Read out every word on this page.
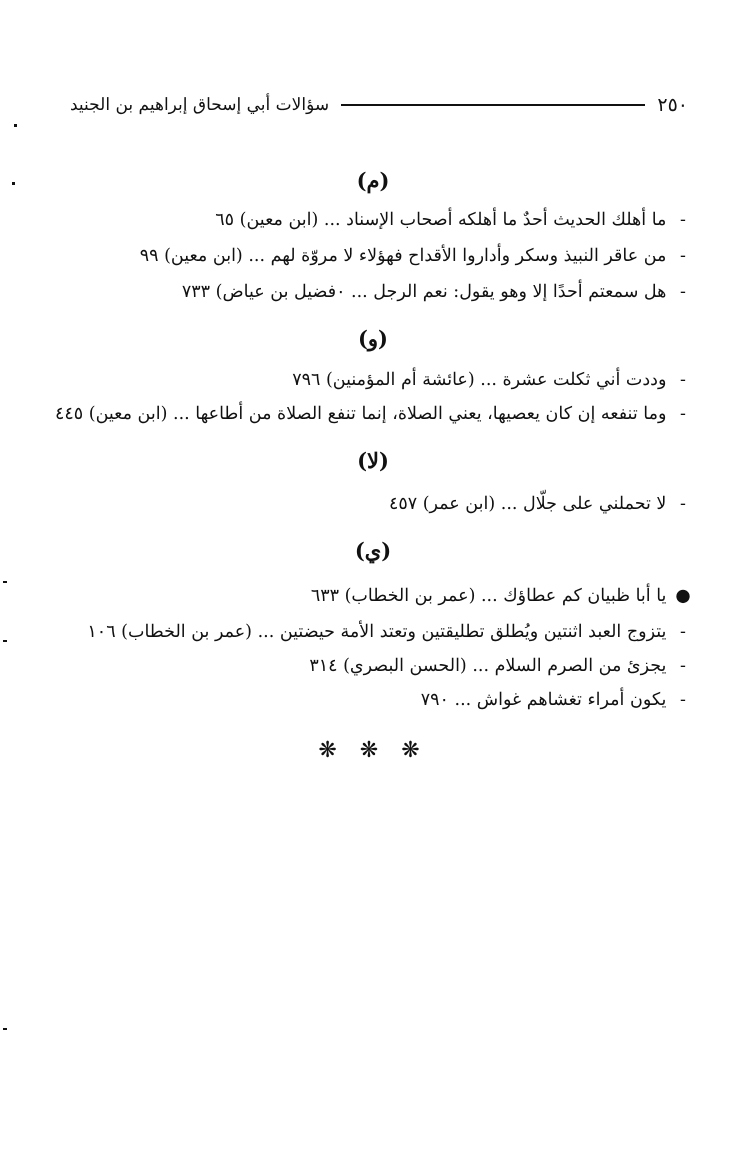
٢٥٠
سؤالات أبي إسحاق إبراهيم بن الجنيد
(م)
- ما أهلك الحديث أحدٌ ما أهلكه أصحاب الإسناد ... (ابن معين) ٦٥
- من عاقر النبيذ وسكر وأداروا الأقداح فهؤلاء لا مروّة لهم ... (ابن معين) ٩٩
- هل سمعتم أحدًا إلا وهو يقول: نعم الرجل ... ٠فضيل بن عياض) ٧٣٣
(و)
- وددت أني ثكلت عشرة ... (عائشة أم المؤمنين) ٧٩٦
- وما تنفعه إن كان يعصيها، يعني الصلاة، إنما تنفع الصلاة من أطاعها ... (ابن معين) ٤٤٥
(لا)
- لا تحملني على جلّال ... (ابن عمر) ٤٥٧
(ي)
● يا أبا ظبيان كم عطاؤك ... (عمر بن الخطاب) ٦٣٣
- يتزوج العبد اثنتين ويُطلق تطليقتين وتعتد الأمة حيضتين ... (عمر بن الخطاب) ١٠٦
- يجزئ من الصرم السلام ... (الحسن البصري) ٣١٤
- يكون أمراء تغشاهم غواش ... ٧٩٠
❋ ❋ ❋
